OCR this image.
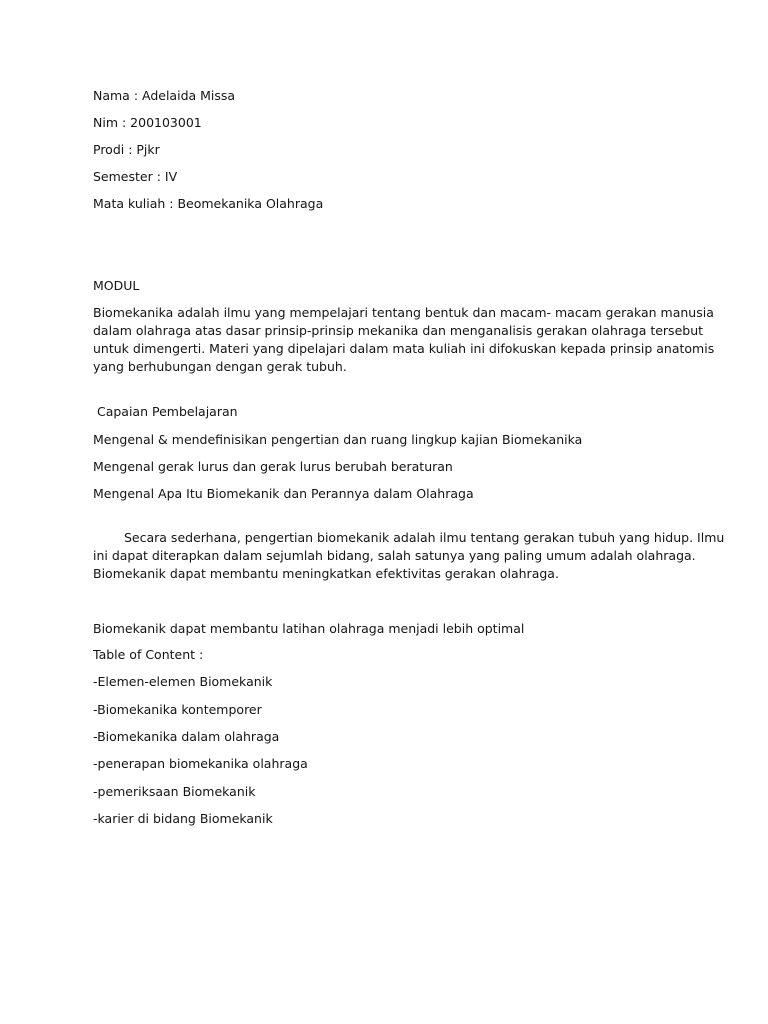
Nama : Adelaida Missa
Nim : 200103001
Prodi : Pjkr
Semester : IV
Mata kuliah : Beomekanika Olahraga
MODUL
Biomekanika adalah ilmu yang mempelajari tentang bentuk dan macam- macam gerakan manusia
dalam olahraga atas dasar prinsip-prinsip mekanika dan menganalisis gerakan olahraga tersebut
untuk dimengerti. Materi yang dipelajari dalam mata kuliah ini difokuskan kepada prinsip anatomis
yang berhubungan dengan gerak tubuh.
Capaian Pembelajaran
Mengenal & mendefinisikan pengertian dan ruang lingkup kajian Biomekanika
Mengenal gerak lurus dan gerak lurus berubah beraturan
Mengenal Apa Itu Biomekanik dan Perannya dalam Olahraga
Secara sederhana, pengertian biomekanik adalah ilmu tentang gerakan tubuh yang hidup. Ilmu
ini dapat diterapkan dalam sejumlah bidang, salah satunya yang paling umum adalah olahraga.
Biomekanik dapat membantu meningkatkan efektivitas gerakan olahraga.
Biomekanik dapat membantu latihan olahraga menjadi lebih optimal
Table of Content :
-Elemen-elemen Biomekanik
-Biomekanika kontemporer
-Biomekanika dalam olahraga
-penerapan biomekanika olahraga
-pemeriksaan Biomekanik
-karier di bidang Biomekanik
